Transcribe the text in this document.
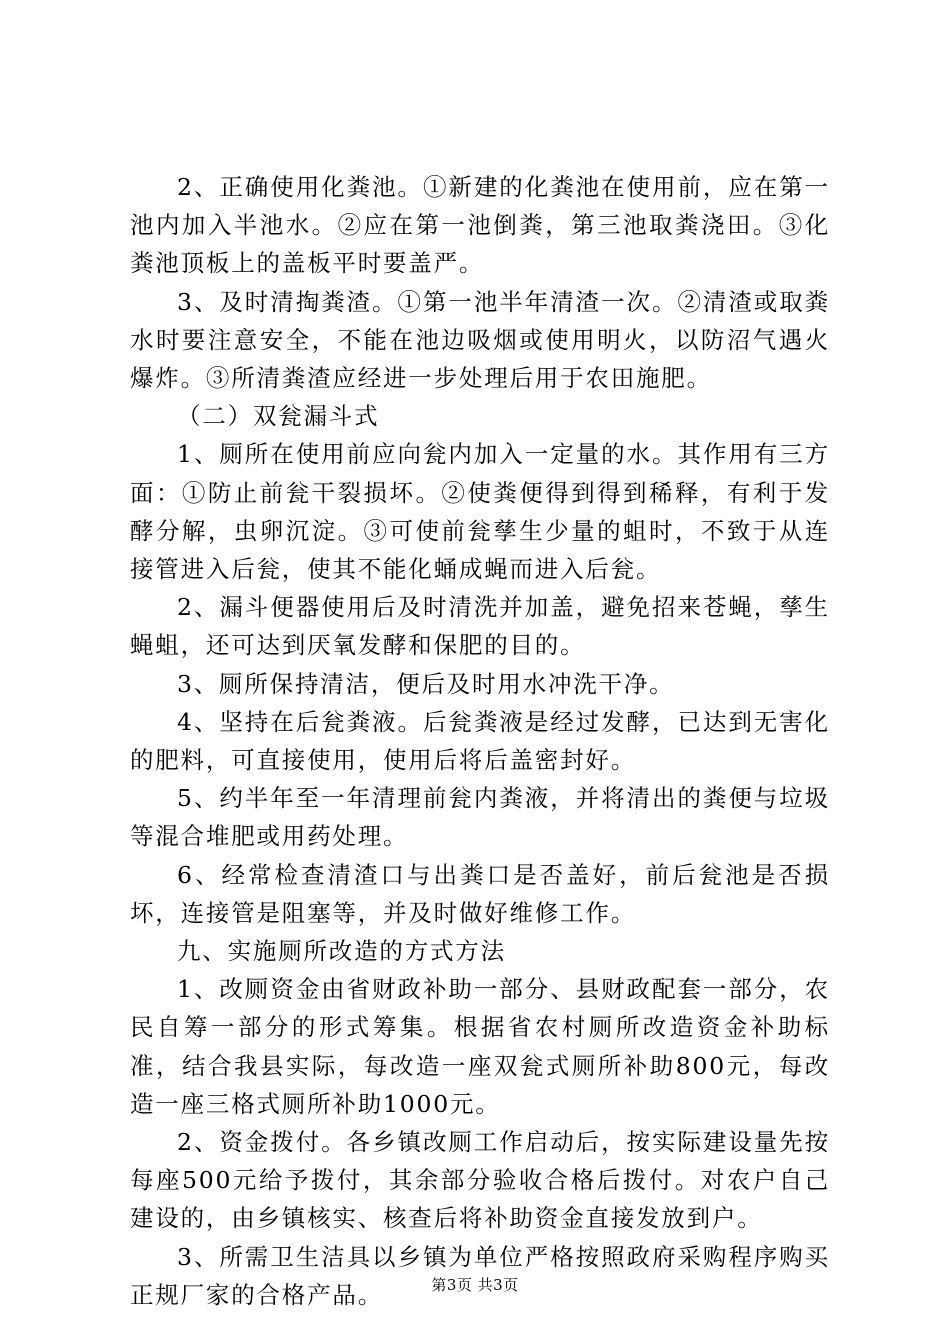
2、正确使用化粪池。①新建的化粪池在使用前，应在第一池内加入半池水。②应在第一池倒粪，第三池取粪浇田。③化粪池顶板上的盖板平时要盖严。

3、及时清掏粪渣。①第一池半年清渣一次。②清渣或取粪水时要注意安全，不能在池边吸烟或使用明火，以防沼气遇火爆炸。③所清粪渣应经进一步处理后用于农田施肥。

（二）双瓮漏斗式

1、厕所在使用前应向瓮内加入一定量的水。其作用有三方面：①防止前瓮干裂损坏。②使粪便得到得到稀释，有利于发酵分解，虫卵沉淀。③可使前瓮孳生少量的蛆时，不致于从连接管进入后瓮，使其不能化蛹成蝇而进入后瓮。

2、漏斗便器使用后及时清洗并加盖，避免招来苍蝇，孳生蝇蛆，还可达到厌氧发酵和保肥的目的。

3、厕所保持清洁，便后及时用水冲洗干净。

4、坚持在后瓮粪液。后瓮粪液是经过发酵，已达到无害化的肥料，可直接使用，使用后将后盖密封好。

5、约半年至一年清理前瓮内粪液，并将清出的粪便与垃圾等混合堆肥或用药处理。

6、经常检查清渣口与出粪口是否盖好，前后瓮池是否损坏，连接管是阻塞等，并及时做好维修工作。

九、实施厕所改造的方式方法

1、改厕资金由省财政补助一部分、县财政配套一部分，农民自筹一部分的形式筹集。根据省农村厕所改造资金补助标准，结合我县实际，每改造一座双瓮式厕所补助800元，每改造一座三格式厕所补助1000元。

2、资金拨付。各乡镇改厕工作启动后，按实际建设量先按每座500元给予拨付，其余部分验收合格后拨付。对农户自己建设的，由乡镇核实、核查后将补助资金直接发放到户。

3、所需卫生洁具以乡镇为单位严格按照政府采购程序购买正规厂家的合格产品。	第3页 共3页
